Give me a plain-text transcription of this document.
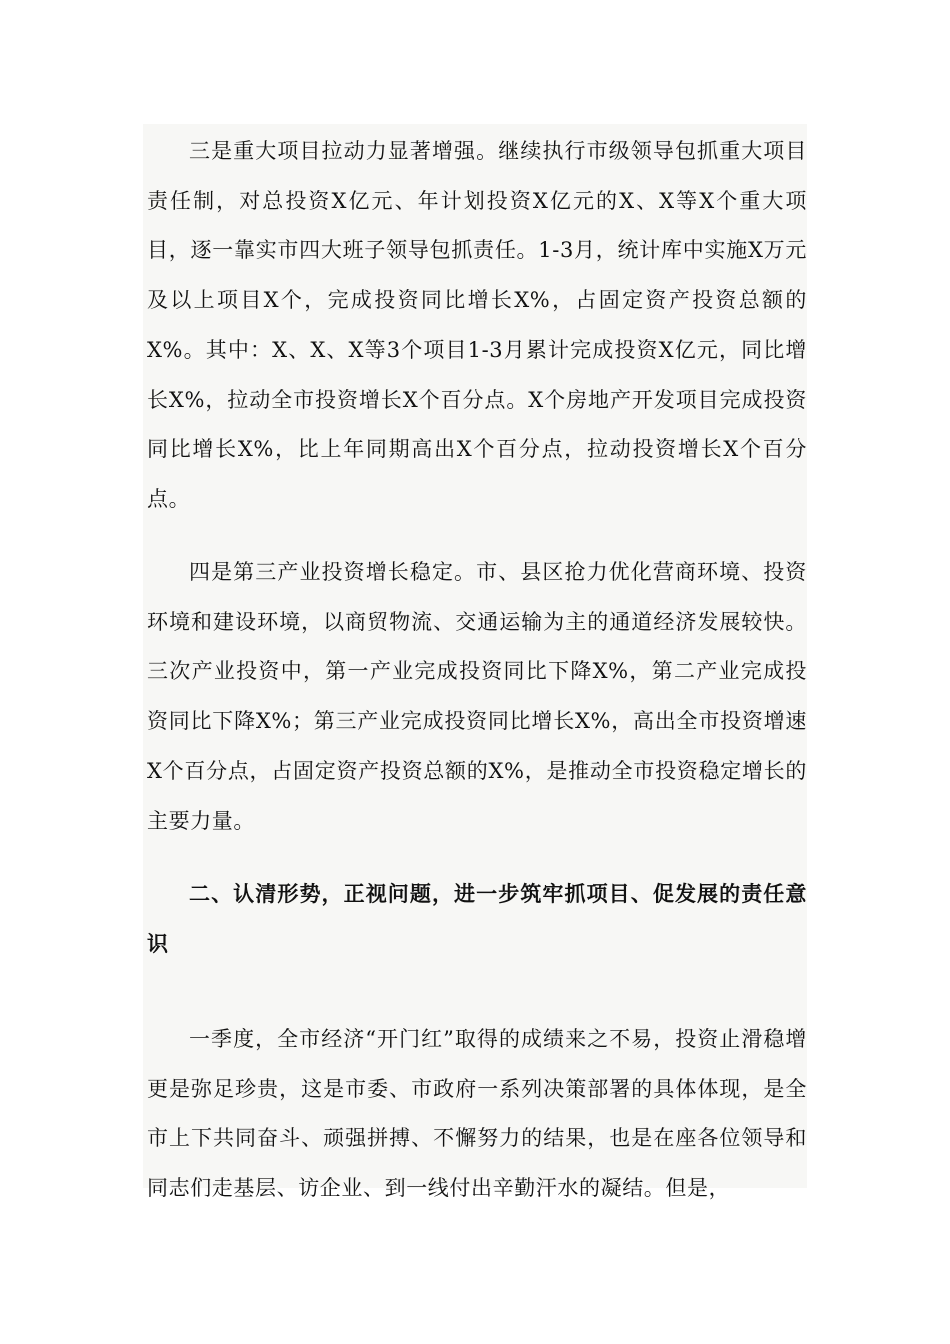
三是重大项目拉动力显著增强。继续执行市级领导包抓重大项目责任制，对总投资X亿元、年计划投资X亿元的X、X等X个重大项目，逐一靠实市四大班子领导包抓责任。1-3月，统计库中实施X万元及以上项目X个，完成投资同比增长X%，占固定资产投资总额的X%。其中：X、X、X等3个项目1-3月累计完成投资X亿元，同比增长X%，拉动全市投资增长X个百分点。X个房地产开发项目完成投资同比增长X%，比上年同期高出X个百分点，拉动投资增长X个百分点。

四是第三产业投资增长稳定。市、县区抢力优化营商环境、投资环境和建设环境，以商贸物流、交通运输为主的通道经济发展较快。三次产业投资中，第一产业完成投资同比下降X%，第二产业完成投资同比下降X%；第三产业完成投资同比增长X%，高出全市投资增速X个百分点，占固定资产投资总额的X%，是推动全市投资稳定增长的主要力量。

二、认清形势，正视问题，进一步筑牢抓项目、促发展的责任意识

一季度，全市经济“开门红”取得的成绩来之不易，投资止滑稳增更是弥足珍贵，这是市委、市政府一系列决策部署的具体体现，是全市上下共同奋斗、顽强拼搏、不懈努力的结果，也是在座各位领导和同志们走基层、访企业、到一线付出辛勤汗水的凝结。但是，
